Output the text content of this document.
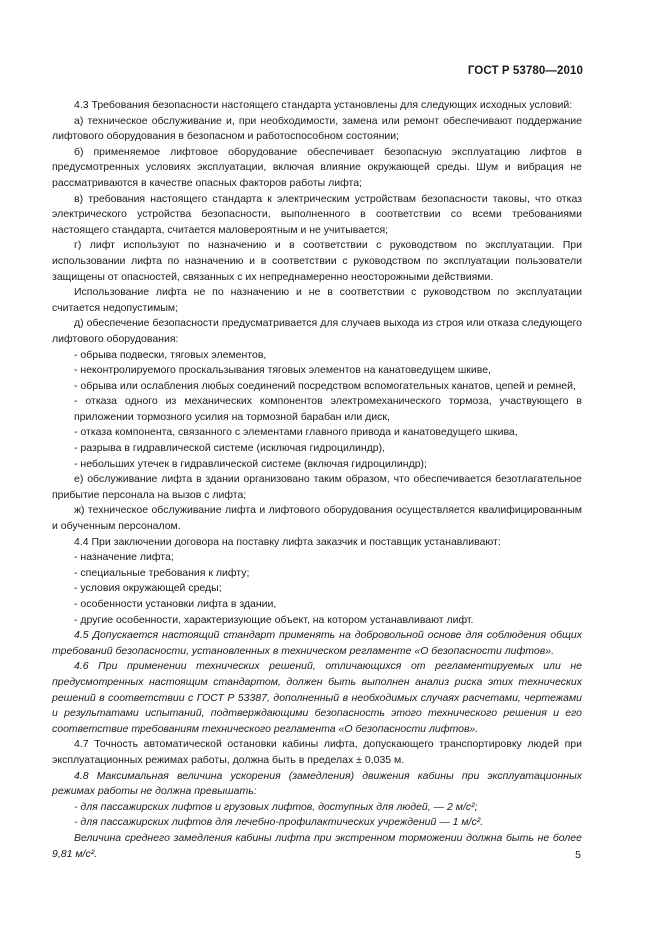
ГОСТ Р 53780—2010

4.3 Требования безопасности настоящего стандарта установлены для следующих исходных условий:

а) техническое обслуживание и, при необходимости, замена или ремонт обеспечивают поддержание лифтового оборудования в безопасном и работоспособном состоянии;

б) применяемое лифтовое оборудование обеспечивает безопасную эксплуатацию лифтов в предусмотренных условиях эксплуатации, включая влияние окружающей среды. Шум и вибрация не рассматриваются в качестве опасных факторов работы лифта;

в) требования настоящего стандарта к электрическим устройствам безопасности таковы, что отказ электрического устройства безопасности, выполненного в соответствии со всеми требованиями настоящего стандарта, считается маловероятным и не учитывается;

г) лифт используют по назначению и в соответствии с руководством по эксплуатации. При использовании лифта по назначению и в соответствии с руководством по эксплуатации пользователи защищены от опасностей, связанных с их непреднамеренно неосторожными действиями.

Использование лифта не по назначению и не в соответствии с руководством по эксплуатации считается недопустимым;

д) обеспечение безопасности предусматривается для случаев выхода из строя или отказа следующего лифтового оборудования:

- обрыва подвески, тяговых элементов,

- неконтролируемого проскальзывания тяговых элементов на канатоведущем шкиве,

- обрыва или ослабления любых соединений посредством вспомогательных канатов, цепей и ремней,

- отказа одного из механических компонентов электромеханического тормоза, участвующего в приложении тормозного усилия на тормозной барабан или диск,

- отказа компонента, связанного с элементами главного привода и канатоведущего шкива,

- разрыва в гидравлической системе (исключая гидроцилиндр),

- небольших утечек в гидравлической системе (включая гидроцилиндр);

е) обслуживание лифта в здании организовано таким образом, что обеспечивается безотлагательное прибытие персонала на вызов с лифта;

ж) техническое обслуживание лифта и лифтового оборудования осуществляется квалифицированным и обученным персоналом.

4.4 При заключении договора на поставку лифта заказчик и поставщик устанавливают:

- назначение лифта;

- специальные требования к лифту;

- условия окружающей среды;

- особенности установки лифта в здании,

- другие особенности, характеризующие объект, на котором устанавливают лифт.

4.5 Допускается настоящий стандарт применять на добровольной основе для соблюдения общих требований безопасности, установленных в техническом регламенте «О безопасности лифтов».

4.6 При применении технических решений, отличающихся от регламентируемых или не предусмотренных настоящим стандартом, должен быть выполнен анализ риска этих технических решений в соответствии с ГОСТ Р 53387, дополненный в необходимых случаях расчетами, чертежами и результатами испытаний, подтверждающими безопасность этого технического решения и его соответствие требованиям технического регламента «О безопасности лифтов».

4.7 Точность автоматической остановки кабины лифта, допускающего транспортировку людей при эксплуатационных режимах работы, должна быть в пределах ± 0,035 м.

4.8 Максимальная величина ускорения (замедления) движения кабины при эксплуатационных режимах работы не должна превышать:

- для пассажирских лифтов и грузовых лифтов, доступных для людей, — 2 м/с²;

- для пассажирских лифтов для лечебно-профилактических учреждений — 1 м/с².

Величина среднего замедления кабины лифта при экстренном торможении должна быть не более 9,81 м/с².	5
